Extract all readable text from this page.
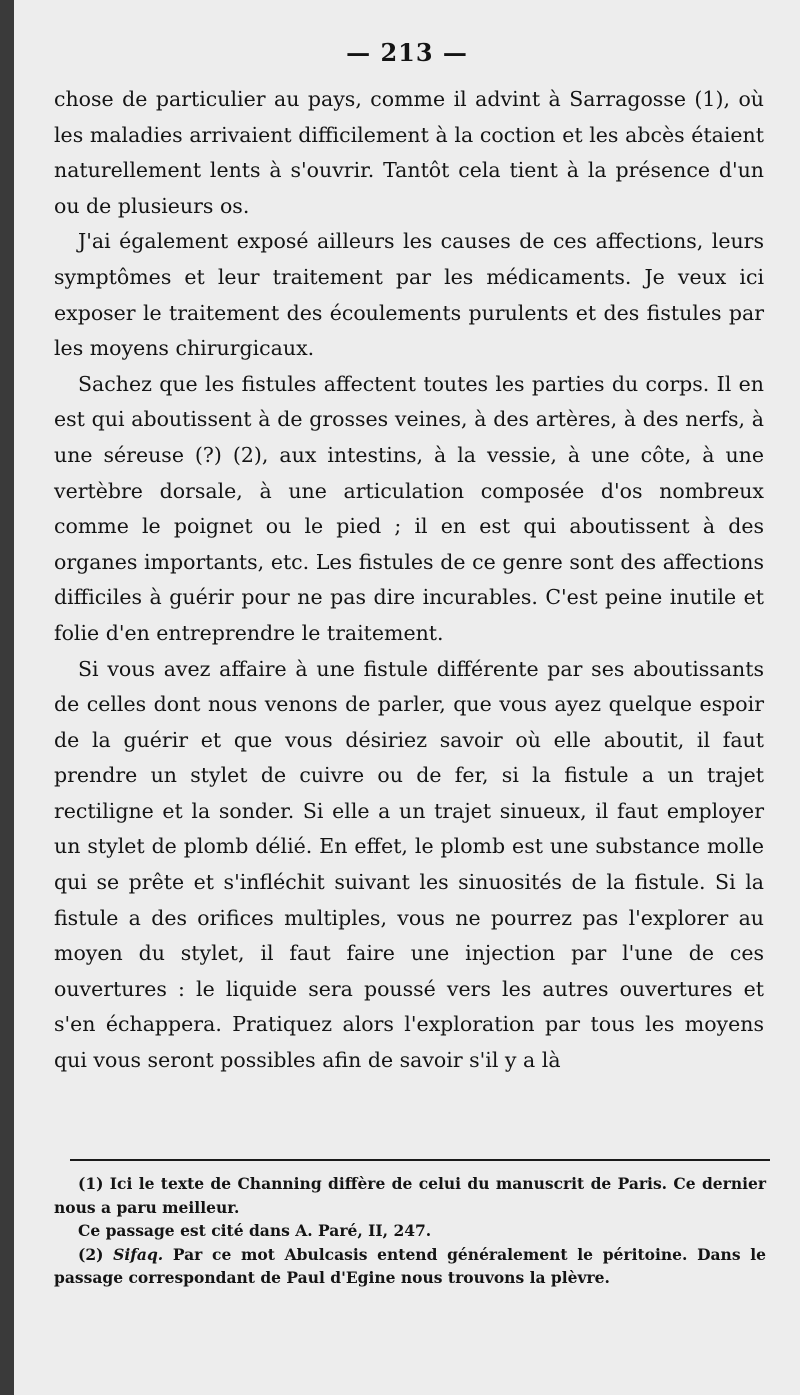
— 213 —

chose de particulier au pays, comme il advint à Sarragosse (1), où les maladies arrivaient difficilement à la coction et les abcès étaient naturellement lents à s'ouvrir. Tantôt cela tient à la présence d'un ou de plusieurs os.

J'ai également exposé ailleurs les causes de ces affections, leurs symptômes et leur traitement par les médicaments. Je veux ici exposer le traitement des écoulements purulents et des fistules par les moyens chirurgicaux.

Sachez que les fistules affectent toutes les parties du corps. Il en est qui aboutissent à de grosses veines, à des artères, à des nerfs, à une séreuse (?) (2), aux intestins, à la vessie, à une côte, à une vertèbre dorsale, à une articulation composée d'os nombreux comme le poignet ou le pied ; il en est qui aboutissent à des organes importants, etc. Les fistules de ce genre sont des affections difficiles à guérir pour ne pas dire incurables. C'est peine inutile et folie d'en entreprendre le traitement.

Si vous avez affaire à une fistule différente par ses aboutissants de celles dont nous venons de parler, que vous ayez quelque espoir de la guérir et que vous désiriez savoir où elle aboutit, il faut prendre un stylet de cuivre ou de fer, si la fistule a un trajet rectiligne et la sonder. Si elle a un trajet sinueux, il faut employer un stylet de plomb délié. En effet, le plomb est une substance molle qui se prête et s'infléchit suivant les sinuosités de la fistule. Si la fistule a des orifices multiples, vous ne pourrez pas l'explorer au moyen du stylet, il faut faire une injection par l'une de ces ouvertures : le liquide sera poussé vers les autres ouvertures et s'en échappera. Pratiquez alors l'exploration par tous les moyens qui vous seront possibles afin de savoir s'il y a là

(1) Ici le texte de Channing diffère de celui du manuscrit de Paris. Ce dernier nous a paru meilleur.

Ce passage est cité dans A. Paré, II, 247.

(2) Sifaq. Par ce mot Abulcasis entend généralement le péritoine. Dans le passage correspondant de Paul d'Egine nous trouvons la plèvre.
